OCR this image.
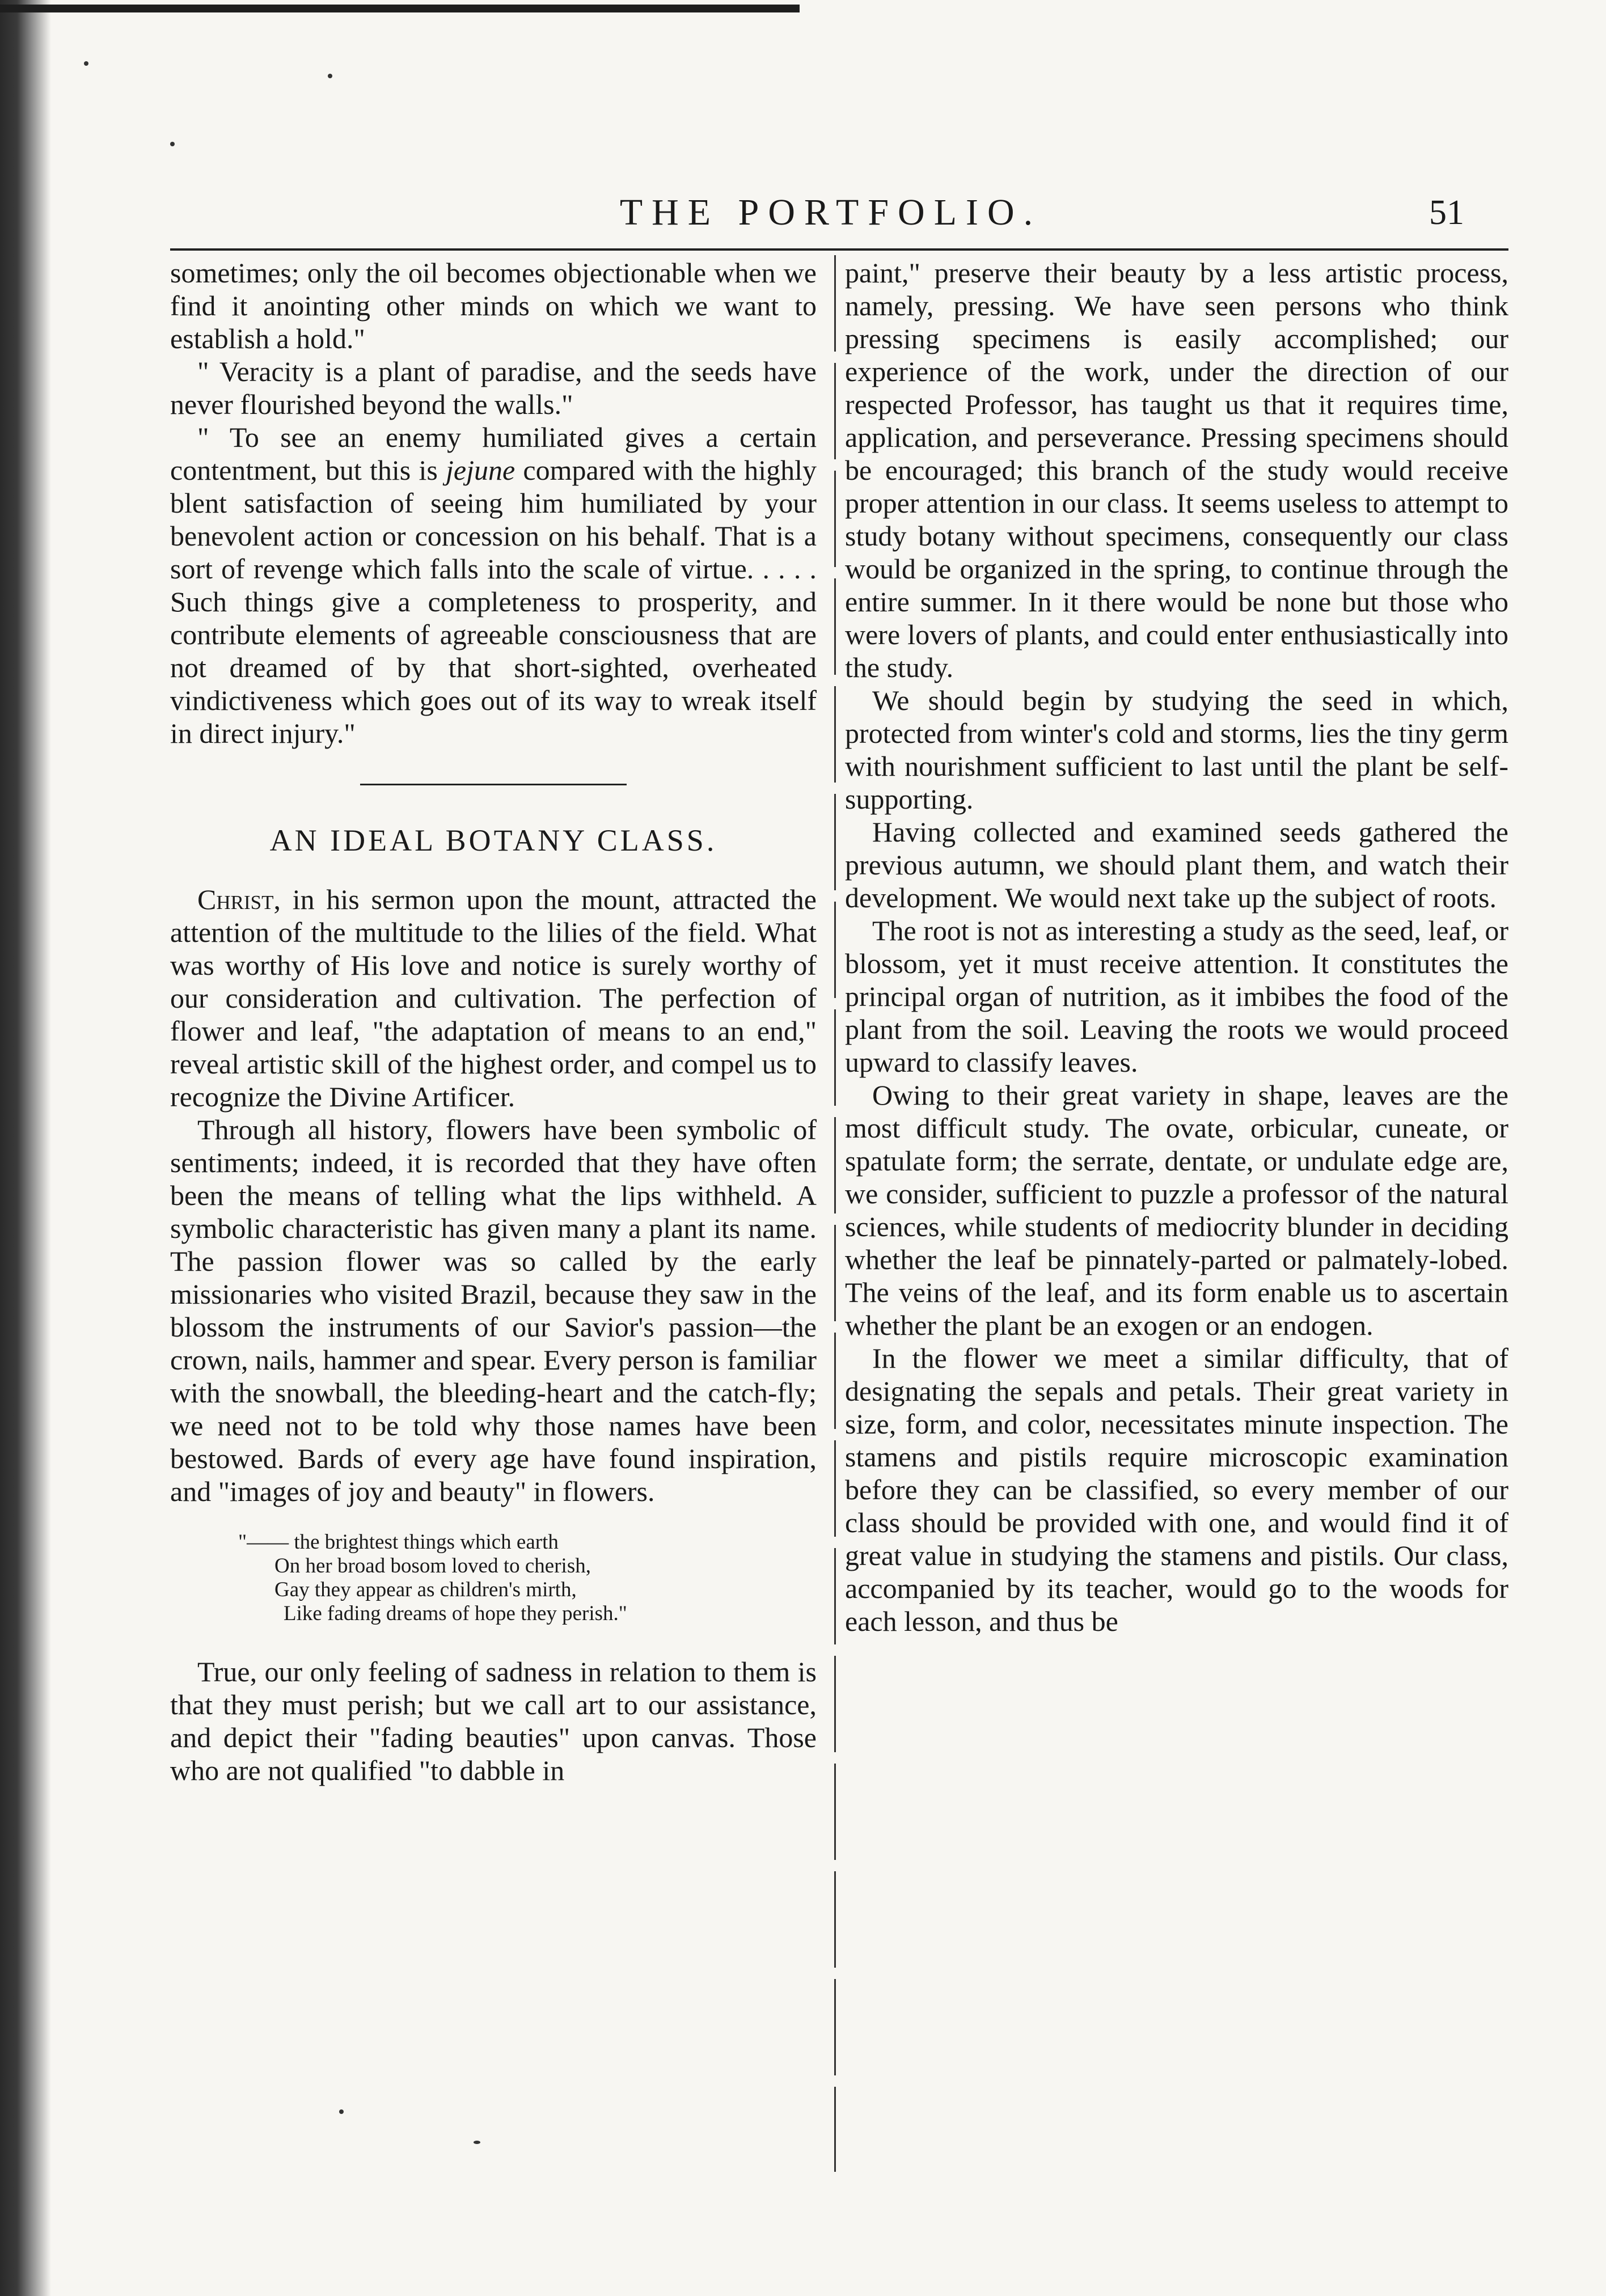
THE PORTFOLIO.	51

sometimes; only the oil becomes objectionable when we find it anointing other minds on which we want to establish a hold."

" Veracity is a plant of paradise, and the seeds have never flourished beyond the walls."

" To see an enemy humiliated gives a certain contentment, but this is jejune compared with the highly blent satisfaction of seeing him humiliated by your benevolent action or concession on his behalf. That is a sort of revenge which falls into the scale of virtue. . . . . Such things give a completeness to prosperity, and contribute elements of agreeable consciousness that are not dreamed of by that short-sighted, overheated vindictiveness which goes out of its way to wreak itself in direct injury."

AN IDEAL BOTANY CLASS.

Christ, in his sermon upon the mount, attracted the attention of the multitude to the lilies of the field. What was worthy of His love and notice is surely worthy of our consideration and cultivation. The perfection of flower and leaf, "the adaptation of means to an end," reveal artistic skill of the highest order, and compel us to recognize the Divine Artificer.

Through all history, flowers have been symbolic of sentiments; indeed, it is recorded that they have often been the means of telling what the lips withheld. A symbolic characteristic has given many a plant its name. The passion flower was so called by the early missionaries who visited Brazil, because they saw in the blossom the instruments of our Savior's passion—the crown, nails, hammer and spear. Every person is familiar with the snowball, the bleeding-heart and the catch-fly; we need not to be told why those names have been bestowed. Bards of every age have found inspiration, and "images of joy and beauty" in flowers.

"—— the brightest things which earth
On her broad bosom loved to cherish,
Gay they appear as children's mirth,
Like fading dreams of hope they perish."

True, our only feeling of sadness in relation to them is that they must perish; but we call art to our assistance, and depict their "fading beauties" upon canvas. Those who are not qualified "to dabble in

paint," preserve their beauty by a less artistic process, namely, pressing. We have seen persons who think pressing specimens is easily accomplished; our experience of the work, under the direction of our respected Professor, has taught us that it requires time, application, and perseverance. Pressing specimens should be encouraged; this branch of the study would receive proper attention in our class. It seems useless to attempt to study botany without specimens, consequently our class would be organized in the spring, to continue through the entire summer. In it there would be none but those who were lovers of plants, and could enter enthusiastically into the study.

We should begin by studying the seed in which, protected from winter's cold and storms, lies the tiny germ with nourishment sufficient to last until the plant be self-supporting.

Having collected and examined seeds gathered the previous autumn, we should plant them, and watch their development. We would next take up the subject of roots.

The root is not as interesting a study as the seed, leaf, or blossom, yet it must receive attention. It constitutes the principal organ of nutrition, as it imbibes the food of the plant from the soil. Leaving the roots we would proceed upward to classify leaves.

Owing to their great variety in shape, leaves are the most difficult study. The ovate, orbicular, cuneate, or spatulate form; the serrate, dentate, or undulate edge are, we consider, sufficient to puzzle a professor of the natural sciences, while students of mediocrity blunder in deciding whether the leaf be pinnately-parted or palmately-lobed. The veins of the leaf, and its form enable us to ascertain whether the plant be an exogen or an endogen.

In the flower we meet a similar difficulty, that of designating the sepals and petals. Their great variety in size, form, and color, necessitates minute inspection. The stamens and pistils require microscopic examination before they can be classified, so every member of our class should be provided with one, and would find it of great value in studying the stamens and pistils. Our class, accompanied by its teacher, would go to the woods for each lesson, and thus be
